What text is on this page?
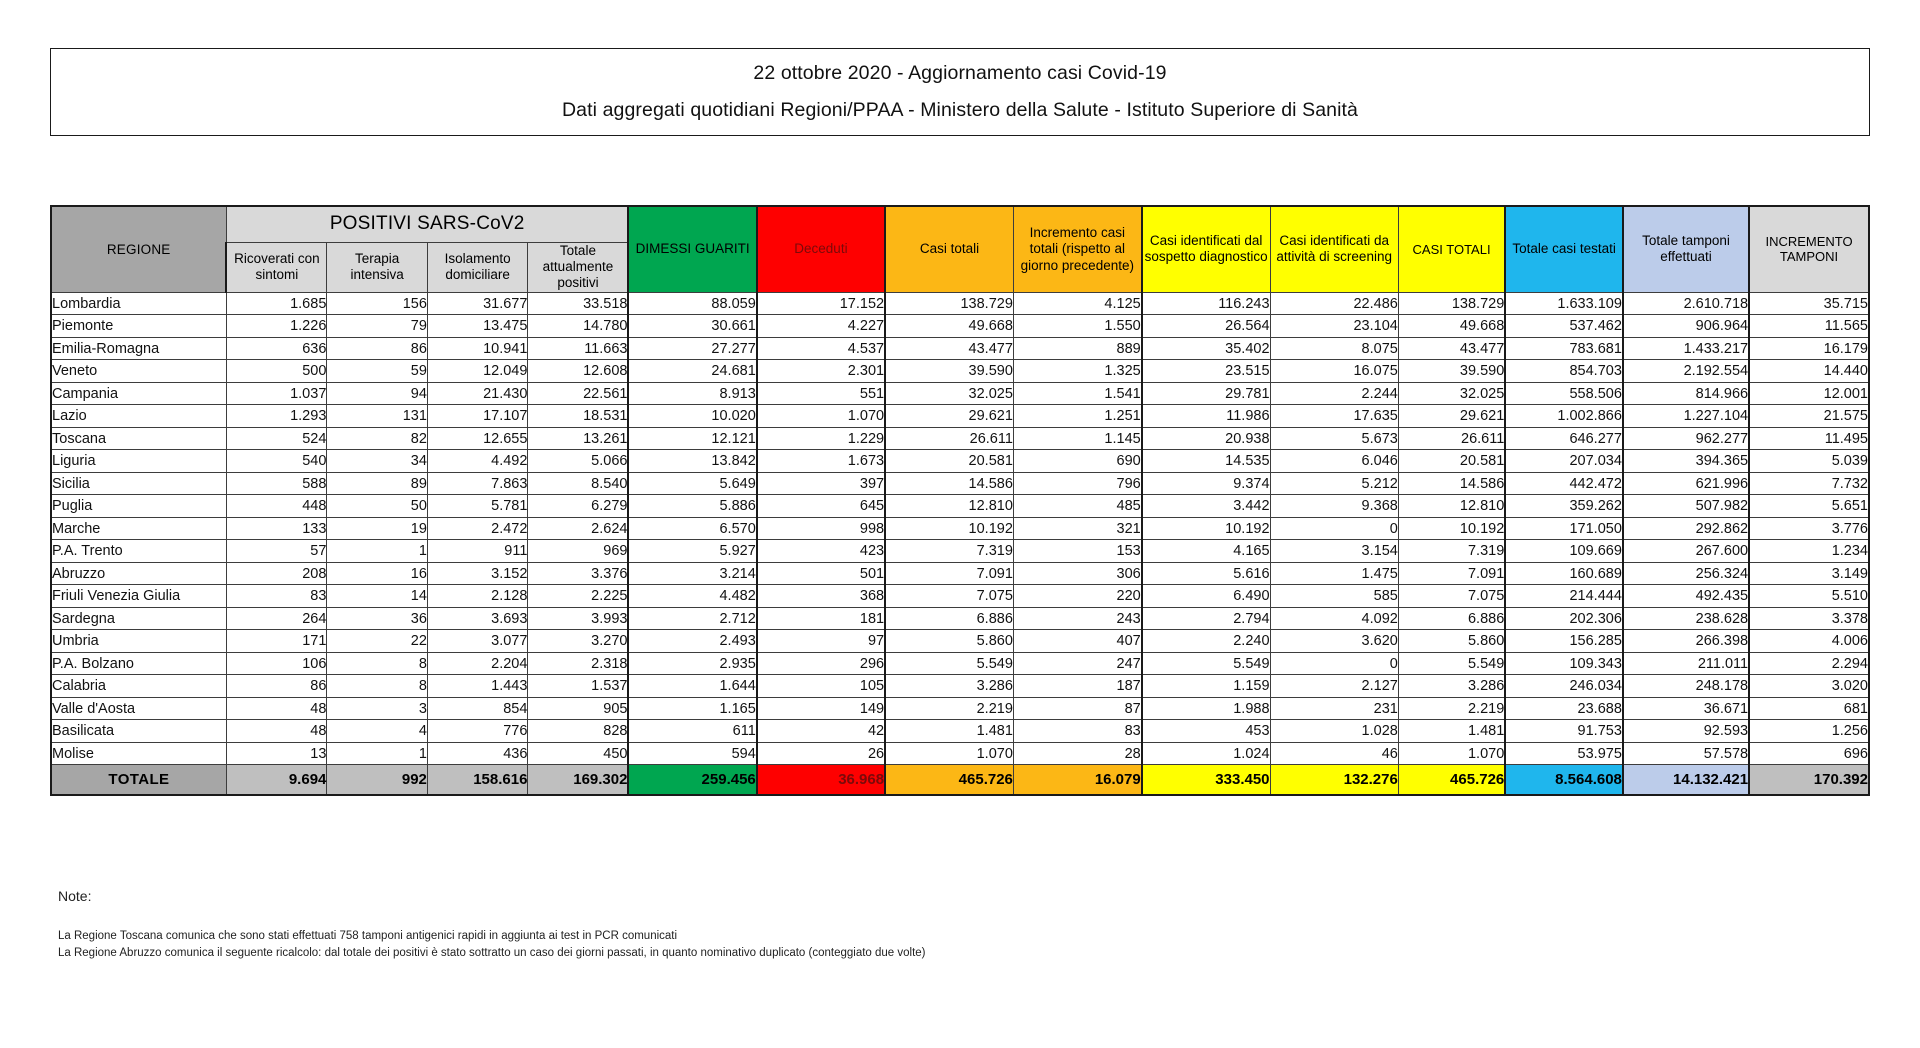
22 ottobre 2020 - Aggiornamento casi Covid-19
Dati aggregati quotidiani Regioni/PPAA - Ministero della Salute - Istituto Superiore di Sanità
REGIONE	POSITIVI SARS-CoV2				DIMESSI GUARITI	Deceduti	Casi totali	Incremento casi totali (rispetto al giorno precedente)	Casi identificati dal sospetto diagnostico	Casi identificati da attività di screening	CASI TOTALI	Totale casi testati	Totale tamponi effettuati	INCREMENTO TAMPONI
	Ricoverati con sintomi	Terapia intensiva	Isolamento domiciliare	Totale attualmente positivi										
Lombardia	1.685	156	31.677	33.518	88.059	17.152	138.729	4.125	116.243	22.486	138.729	1.633.109	2.610.718	35.715
Piemonte	1.226	79	13.475	14.780	30.661	4.227	49.668	1.550	26.564	23.104	49.668	537.462	906.964	11.565
Emilia-Romagna	636	86	10.941	11.663	27.277	4.537	43.477	889	35.402	8.075	43.477	783.681	1.433.217	16.179
Veneto	500	59	12.049	12.608	24.681	2.301	39.590	1.325	23.515	16.075	39.590	854.703	2.192.554	14.440
Campania	1.037	94	21.430	22.561	8.913	551	32.025	1.541	29.781	2.244	32.025	558.506	814.966	12.001
Lazio	1.293	131	17.107	18.531	10.020	1.070	29.621	1.251	11.986	17.635	29.621	1.002.866	1.227.104	21.575
Toscana	524	82	12.655	13.261	12.121	1.229	26.611	1.145	20.938	5.673	26.611	646.277	962.277	11.495
Liguria	540	34	4.492	5.066	13.842	1.673	20.581	690	14.535	6.046	20.581	207.034	394.365	5.039
Sicilia	588	89	7.863	8.540	5.649	397	14.586	796	9.374	5.212	14.586	442.472	621.996	7.732
Puglia	448	50	5.781	6.279	5.886	645	12.810	485	3.442	9.368	12.810	359.262	507.982	5.651
Marche	133	19	2.472	2.624	6.570	998	10.192	321	10.192	0	10.192	171.050	292.862	3.776
P.A. Trento	57	1	911	969	5.927	423	7.319	153	4.165	3.154	7.319	109.669	267.600	1.234
Abruzzo	208	16	3.152	3.376	3.214	501	7.091	306	5.616	1.475	7.091	160.689	256.324	3.149
Friuli Venezia Giulia	83	14	2.128	2.225	4.482	368	7.075	220	6.490	585	7.075	214.444	492.435	5.510
Sardegna	264	36	3.693	3.993	2.712	181	6.886	243	2.794	4.092	6.886	202.306	238.628	3.378
Umbria	171	22	3.077	3.270	2.493	97	5.860	407	2.240	3.620	5.860	156.285	266.398	4.006
P.A. Bolzano	106	8	2.204	2.318	2.935	296	5.549	247	5.549	0	5.549	109.343	211.011	2.294
Calabria	86	8	1.443	1.537	1.644	105	3.286	187	1.159	2.127	3.286	246.034	248.178	3.020
Valle d'Aosta	48	3	854	905	1.165	149	2.219	87	1.988	231	2.219	23.688	36.671	681
Basilicata	48	4	776	828	611	42	1.481	83	453	1.028	1.481	91.753	92.593	1.256
Molise	13	1	436	450	594	26	1.070	28	1.024	46	1.070	53.975	57.578	696
TOTALE	9.694	992	158.616	169.302	259.456	36.968	465.726	16.079	333.450	132.276	465.726	8.564.608	14.132.421	170.392
Note:
La Regione Toscana comunica che sono stati effettuati 758 tamponi antigenici rapidi in aggiunta ai test in PCR comunicati
La Regione Abruzzo comunica il seguente ricalcolo: dal totale dei positivi è stato sottratto un caso dei giorni passati, in quanto nominativo duplicato (conteggiato due volte)
